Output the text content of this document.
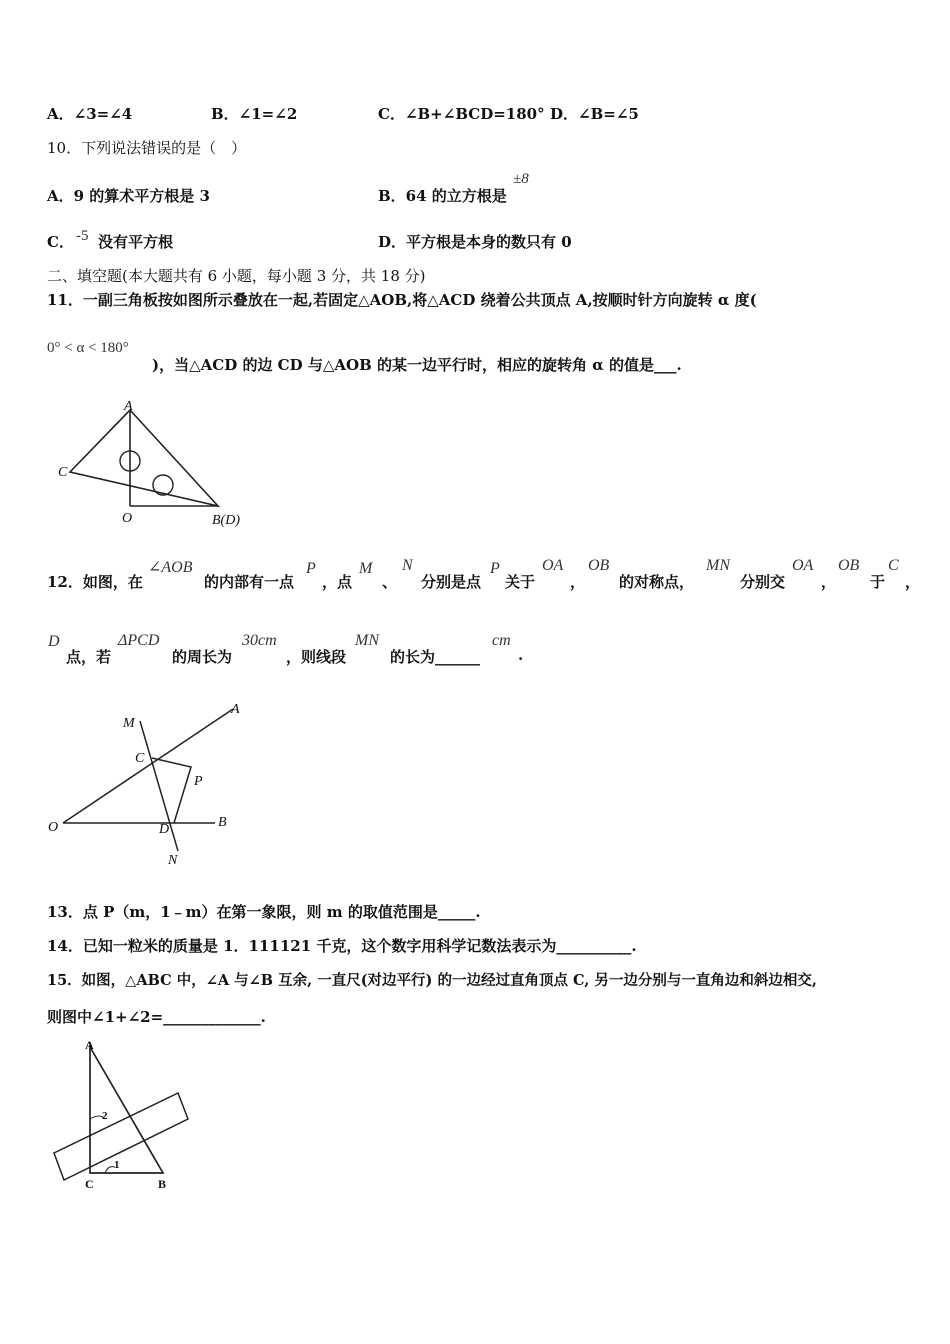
A．∠3=∠4	B．∠1=∠2	C．∠B+∠BCD=180° D．∠B=∠5
10．下列说法错误的是（　）
A．9 的算术平方根是 3	B．64 的立方根是
±8
C． -5 没有平方根	D．平方根是本身的数只有 0
二、填空题(本大题共有 6 小题，每小题 3 分，共 18 分)
11．一副三角板按如图所示叠放在一起,若固定△AOB,将△ACD 绕着公共顶点 A,按顺时针方向旋转 α 度(
0° < α < 180°
)，当△ACD 的边 CD 与△AOB 的某一边平行时，相应的旋转角 α 的值是___.
A
C
O	B(D)
12．如图，在
∠AOB
的内部有一点
P
，点
M
、
N
分别是点
P
关于
OA
，
OB
的对称点，
MN
分别交
OA
，
OB
于
C
，
D
点，若
ΔPCD
的周长为
30cm
，则线段
MN
的长为______
cm
.
M
A
C
P
O	D	B
N
13．点 P（m，1﹣m）在第一象限，则 m 的取值范围是_____.
14．已知一粒米的质量是 1．111121 千克，这个数字用科学记数法表示为__________.
15．如图，△ABC 中，∠A 与∠B 互余, 一直尺(对边平行) 的一边经过直角顶点 C, 另一边分别与一直角边和斜边相交,
则图中∠1+∠2=_____________.
A
C	B
1
2
